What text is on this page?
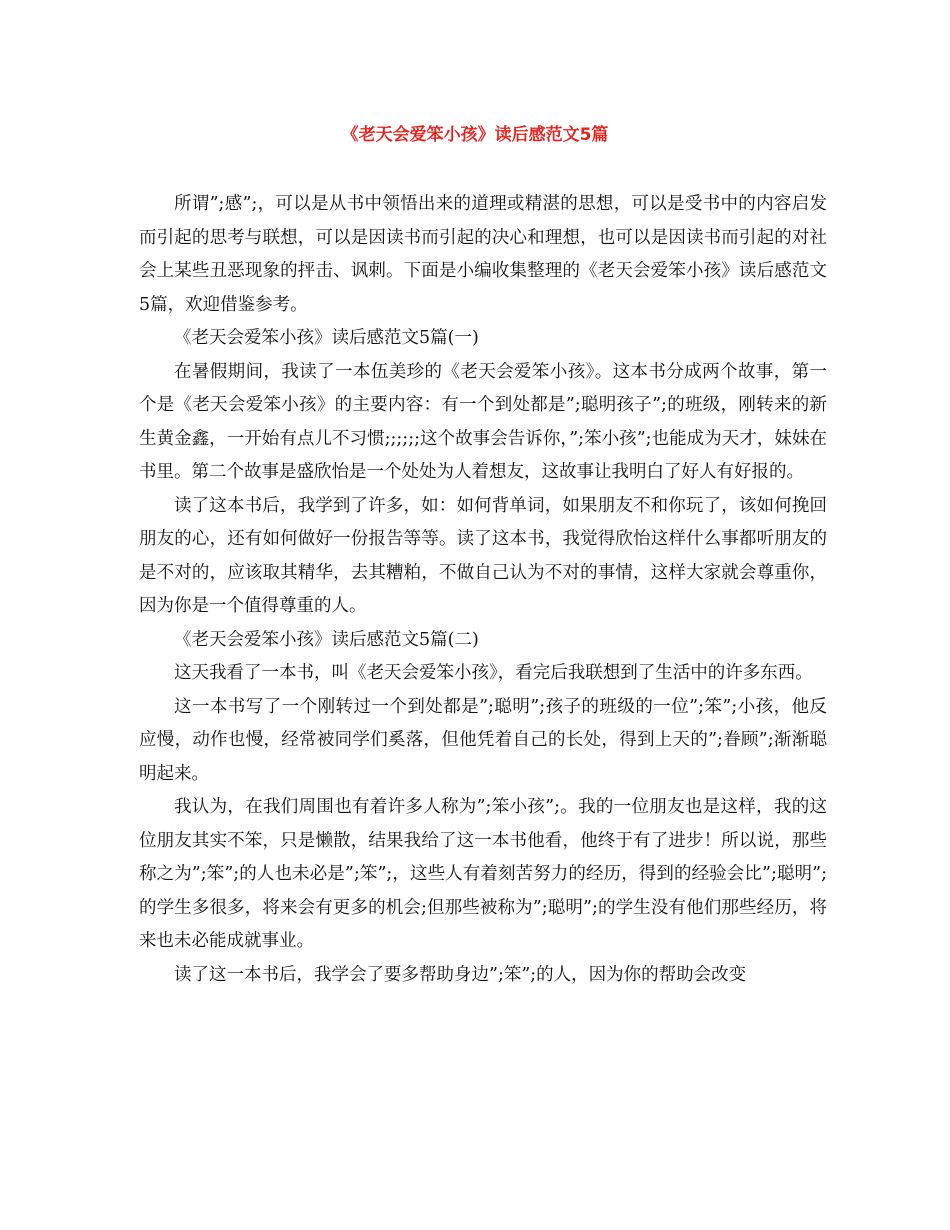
《老天会爱笨小孩》读后感范文5篇

所谓”;感”;，可以是从书中领悟出来的道理或精湛的思想，可以是受书中的内容启发而引起的思考与联想，可以是因读书而引起的决心和理想，也可以是因读书而引起的对社会上某些丑恶现象的抨击、讽刺。下面是小编收集整理的《老天会爱笨小孩》读后感范文5篇，欢迎借鉴参考。

《老天会爱笨小孩》读后感范文5篇(一)

在暑假期间，我读了一本伍美珍的《老天会爱笨小孩》。这本书分成两个故事，第一个是《老天会爱笨小孩》的主要内容：有一个到处都是”;聪明孩子”;的班级，刚转来的新生黄金鑫，一开始有点儿不习惯;;;;;;这个故事会告诉你，”;笨小孩”;也能成为天才，妹妹在书里。第二个故事是盛欣怡是一个处处为人着想友，这故事让我明白了好人有好报的。

读了这本书后，我学到了许多，如：如何背单词，如果朋友不和你玩了，该如何挽回朋友的心，还有如何做好一份报告等等。读了这本书，我觉得欣怡这样什么事都听朋友的是不对的，应该取其精华，去其糟粕，不做自己认为不对的事情，这样大家就会尊重你，因为你是一个值得尊重的人。

《老天会爱笨小孩》读后感范文5篇(二)

这天我看了一本书，叫《老天会爱笨小孩》，看完后我联想到了生活中的许多东西。

这一本书写了一个刚转过一个到处都是”;聪明”;孩子的班级的一位”;笨”;小孩，他反应慢，动作也慢，经常被同学们奚落，但他凭着自己的长处，得到上天的”;眷顾”;渐渐聪明起来。

我认为，在我们周围也有着许多人称为”;笨小孩”;。我的一位朋友也是这样，我的这位朋友其实不笨，只是懒散，结果我给了这一本书他看，他终于有了进步！所以说，那些称之为”;笨”;的人也未必是”;笨”;，这些人有着刻苦努力的经历，得到的经验会比”;聪明”;的学生多很多，将来会有更多的机会;但那些被称为”;聪明”;的学生没有他们那些经历，将来也未必能成就事业。

读了这一本书后，我学会了要多帮助身边”;笨”;的人，因为你的帮助会改变
